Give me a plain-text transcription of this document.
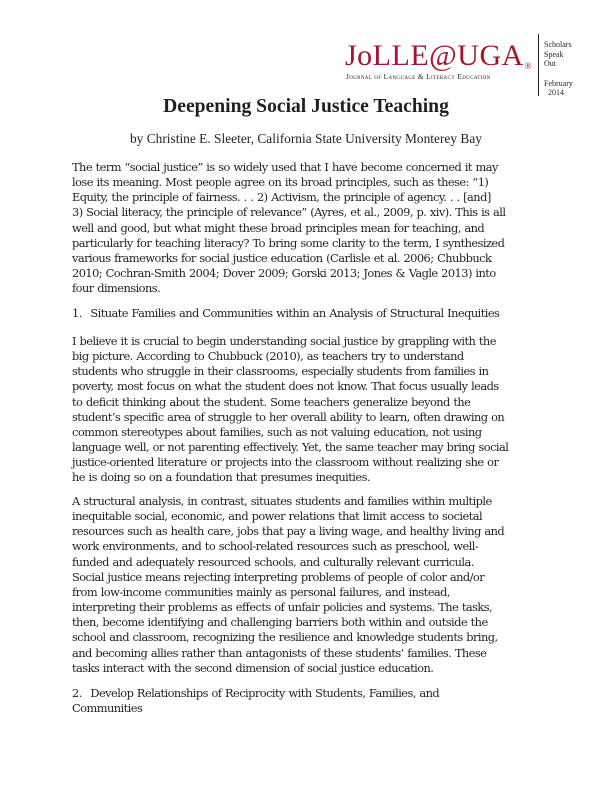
JoLLE@UGA®
Journal of Language & Literacy Education
Scholars
Speak
Out
February
2014
Deepening Social Justice Teaching

by Christine E. Sleeter, California State University Monterey Bay

The term “social justice” is so widely used that I have become concerned it may
lose its meaning. Most people agree on its broad principles, such as these: “1)
Equity, the principle of fairness. . . 2) Activism, the principle of agency. . . [and]
3) Social literacy, the principle of relevance” (Ayres, et al., 2009, p. xiv). This is all
well and good, but what might these broad principles mean for teaching, and
particularly for teaching literacy? To bring some clarity to the term, I synthesized
various frameworks for social justice education (Carlisle et al. 2006; Chubbuck
2010; Cochran-Smith 2004; Dover 2009; Gorski 2013; Jones & Vagle 2013) into
four dimensions.

1. Situate Families and Communities within an Analysis of Structural Inequities

I believe it is crucial to begin understanding social justice by grappling with the
big picture. According to Chubbuck (2010), as teachers try to understand
students who struggle in their classrooms, especially students from families in
poverty, most focus on what the student does not know. That focus usually leads
to deficit thinking about the student. Some teachers generalize beyond the
student’s specific area of struggle to her overall ability to learn, often drawing on
common stereotypes about families, such as not valuing education, not using
language well, or not parenting effectively. Yet, the same teacher may bring social
justice-oriented literature or projects into the classroom without realizing she or
he is doing so on a foundation that presumes inequities.

A structural analysis, in contrast, situates students and families within multiple
inequitable social, economic, and power relations that limit access to societal
resources such as health care, jobs that pay a living wage, and healthy living and
work environments, and to school-related resources such as preschool, well-
funded and adequately resourced schools, and culturally relevant curricula.
Social justice means rejecting interpreting problems of people of color and/or
from low-income communities mainly as personal failures, and instead,
interpreting their problems as effects of unfair policies and systems. The tasks,
then, become identifying and challenging barriers both within and outside the
school and classroom, recognizing the resilience and knowledge students bring,
and becoming allies rather than antagonists of these students’ families. These
tasks interact with the second dimension of social justice education.

2. Develop Relationships of Reciprocity with Students, Families, and
Communities
